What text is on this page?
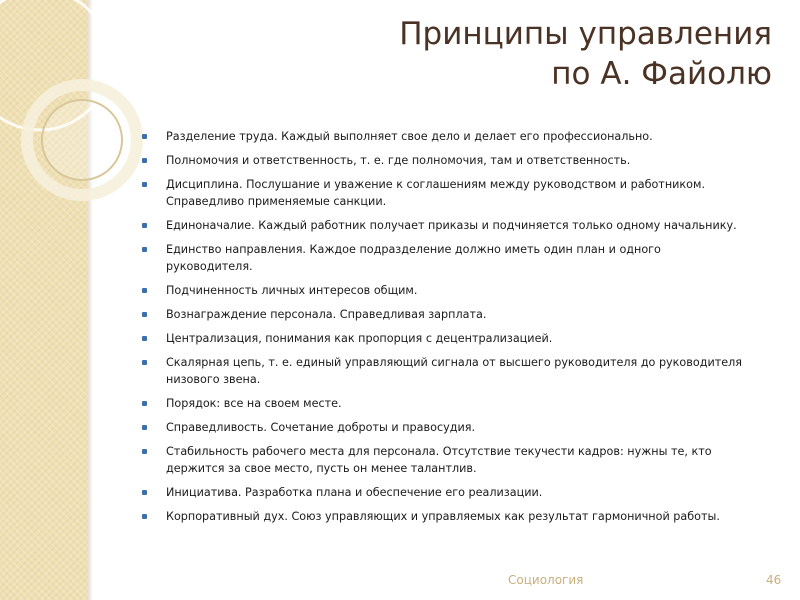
Принципы управления
по А. Файолю
Разделение труда. Каждый выполняет свое дело и делает его профессионально.
Полномочия и ответственность, т. е. где полномочия, там и ответственность.
Дисциплина. Послушание и уважение к соглашениям между руководством и работником.
Справедливо применяемые санкции.
Единоначалие. Каждый работник получает приказы и подчиняется только одному начальнику.
Единство направления. Каждое подразделение должно иметь один план и одного
руководителя.
Подчиненность личных интересов общим.
Вознаграждение персонала. Справедливая зарплата.
Централизация, понимания как пропорция с децентрализацией.
Скалярная цепь, т. е. единый управляющий сигнала от высшего руководителя до руководителя
низового звена.
Порядок: все на своем месте.
Справедливость. Сочетание доброты и правосудия.
Стабильность рабочего места для персонала. Отсутствие текучести кадров: нужны те, кто
держится за свое место, пусть он менее талантлив.
Инициатива. Разработка плана и обеспечение его реализации.
Корпоративный дух. Союз управляющих и управляемых как результат гармоничной работы.
Социология	46
